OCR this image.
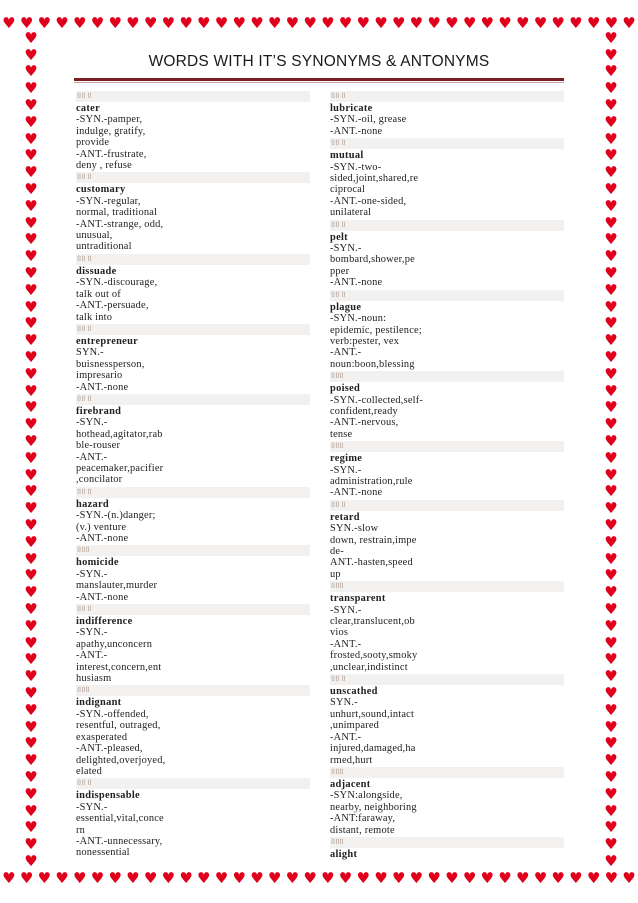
♥ ♥ ♥ ♥ ♥ ♥ ♥ ♥ ♥ ♥ ♥ ♥ ♥ ♥ ♥ ♥ ♥ ♥ ♥ ♥ ♥ ♥ ♥ ♥ ♥ ♥ ♥ ♥ ♥ ♥ ♥ ♥ ♥ ♥ ♥ ♥
♥ ♥ ♥ ♥ ♥ ♥ ♥ ♥ ♥ ♥ ♥ ♥ ♥ ♥ ♥ ♥ ♥ ♥ ♥ ♥ ♥ ♥ ♥ ♥ ♥ ♥ ♥ ♥ ♥ ♥ ♥ ♥ ♥ ♥ ♥ ♥
♥
♥
♥
♥
♥
♥
♥
♥
♥
♥
♥
♥
♥
♥
♥
♥
♥
♥
♥
♥
♥
♥
♥
♥
♥
♥
♥
♥
♥
♥
♥
♥
♥
♥
♥
♥
♥
♥
♥
♥
♥
♥
♥
♥
♥
♥
♥
♥
♥
♥
♥
♥
♥
♥
♥
♥
♥
♥
♥
♥
♥
♥
♥
♥
♥
♥
♥
♥
♥
♥
♥
♥
♥
♥
♥
♥
♥
♥
♥
♥
♥
♥
♥
♥
♥
♥
♥
♥
♥
♥
♥
♥
♥
♥
♥
♥
♥
♥
♥
♥
WORDS WITH IT’S SYNONYMS & ANTONYMS
⌷⌷ ⌷
cater
-SYN.-pamper,
indulge, gratify,
provide
-ANT.-frustrate,
deny , refuse
⌷⌷ ⌷
customary
-SYN.-regular,
normal, traditional
-ANT.-strange, odd,
unusual,
untraditional
⌷⌷ ⌷
dissuade
-SYN.-discourage,
talk out of
-ANT.-persuade,
talk into
⌷⌷ ⌷
entrepreneur
SYN.-
buisnessperson,
impresario
-ANT.-none
⌷⌷ ⌷
firebrand
-SYN.-
hothead,agitator,rab
ble-rouser
-ANT.-
peacemaker,pacifier
,concilator
⌷⌷ ⌷
hazard
-SYN.-(n.)danger;
(v.) venture
-ANT.-none
⌷⌷⌷
homicide
-SYN.-
manslauter,murder
-ANT.-none
⌷⌷ ⌷
indifference
-SYN.-
apathy,unconcern
-ANT.-
interest,concern,ent
husiasm
⌷⌷⌷
indignant
-SYN.-offended,
resentful, outraged,
exasperated
-ANT.-pleased,
delighted,overjoyed,
elated
⌷⌷ ⌷
indispensable
-SYN.-
essential,vital,conce
rn
-ANT.-unnecessary,
nonessential
⌷⌷ ⌷
lubricate
-SYN.-oil, grease
-ANT.-none
⌷⌷ ⌷
mutual
-SYN.-two-
sided,joint,shared,re
ciprocal
-ANT.-one-sided,
unilateral
⌷⌷ ⌷
pelt
-SYN.-
bombard,shower,pe
pper
-ANT.-none
⌷⌷ ⌷
plague
-SYN.-noun:
epidemic, pestilence;
verb:pester, vex
-ANT.-
noun:boon,blessing
⌷⌷⌷
poised
-SYN.-collected,self-
confident,ready
-ANT.-nervous,
tense
⌷⌷⌷
regime
-SYN.-
administration,rule
-ANT.-none
⌷⌷ ⌷
retard
SYN.-slow
down, restrain,impe
de-
ANT.-hasten,speed
up
⌷⌷⌷
transparent
-SYN.-
clear,translucent,ob
vios
-ANT.-
frosted,sooty,smoky
,unclear,indistinct
⌷⌷ ⌷
unscathed
SYN.-
unhurt,sound,intact
,unimpared
-ANT.-
injured,damaged,ha
rmed,hurt
⌷⌷⌷
adjacent
-SYN:alongside,
nearby, neighboring
-ANT:faraway,
distant, remote
⌷⌷⌷
alight
